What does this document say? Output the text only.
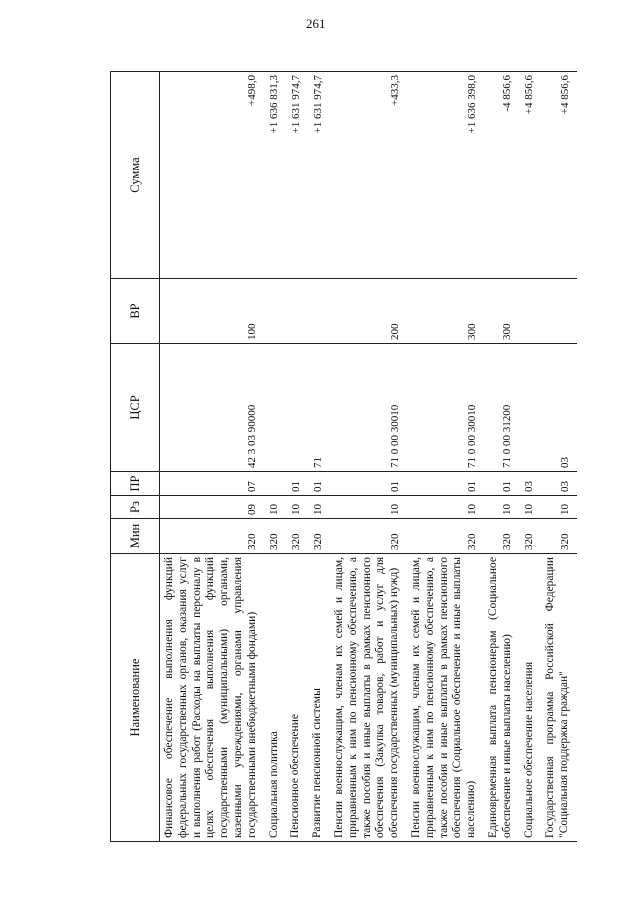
261
Наименование	Мин	Рз	ПР	ЦСР	ВР	Сумма
Финансовое обеспечение выполнения функций федеральных государственных органов, оказания услуг и выполнения работ (Расходы на выплаты персоналу в целях обеспечения выполнения функций государственными (муниципальными) органами, казенными учреждениями, органами управления государственными внебюджетными фондами)	320	09	07	42 3 03 90000	100	+498,0
Социальная политика	320	10				+1 636 831,3
Пенсионное обеспечение	320	10	01			+1 631 974,7
Развитие пенсионной системы	320	10	01	71		+1 631 974,7
Пенсии военнослужащим, членам их семей и лицам, приравненным к ним по пенсионному обеспечению, а также пособия и иные выплаты в рамках пенсионного обеспечения (Закупка товаров, работ и услуг для обеспечения государственных (муниципальных) нужд)	320	10	01	71 0 00 30010	200	+433,3
Пенсии военнослужащим, членам их семей и лицам, приравненным к ним по пенсионному обеспечению, а также пособия и иные выплаты в рамках пенсионного обеспечения (Социальное обеспечение и иные выплаты населению)	320	10	01	71 0 00 30010	300	+1 636 398,0
Единовременная выплата пенсионерам (Социальное обеспечение и иные выплаты населению)	320	10	01	71 0 00 31200	300	-4 856,6
Социальное обеспечение населения	320	10	03			+4 856,6
Государственная программа Российской Федерации "Социальная поддержка граждан"	320	10	03	03		+4 856,6
